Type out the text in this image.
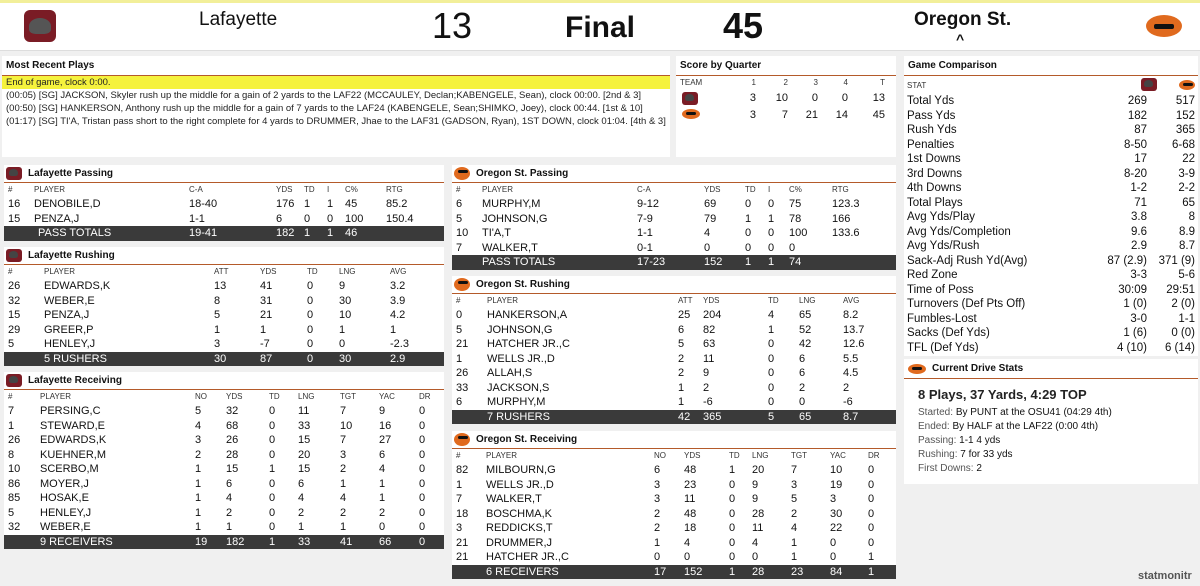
Lafayette	13	Final 45	Oregon St.
^
Most Recent Plays
End of game, clock 0:00.
(00:05) [SG] JACKSON, Skyler rush up the middle for a gain of 2 yards to the LAF22 (MCCAULEY, Declan;KABENGELE, Sean), clock 00:00. [2nd & 3]
(00:50) [SG] HANKERSON, Anthony rush up the middle for a gain of 7 yards to the LAF24 (KABENGELE, Sean;SHIMKO, Joey), clock 00:44. [1st & 10]
(01:17) [SG] TI'A, Tristan pass short to the right complete for 4 yards to DRUMMER, Jhae to the LAF31 (GADSON, Ryan), 1ST DOWN, clock 01:04. [4th & 3]
Score by Quarter
TEAM	1	2	3	4	T
3 10 0 0 13
3 7 21 14 45
Game Comparison
STAT
Total Yds	269	517
Pass Yds	182	152
Rush Yds	87	365
Penalties	8-50 6-68
1st Downs	17	22
3rd Downs	8-20	3-9
4th Downs	1-2	2-2
Total Plays	71	65
Avg Yds/Play	3.8	8
Avg Yds/Completion	9.6	8.9
Avg Yds/Rush	2.9	8.7
Sack-Adj Rush Yd(Avg)	87 (2.9) 371 (9)
Red Zone	3-3	5-6
Time of Poss	30:09 29:51
Turnovers (Def Pts Off)	1 (0) 2 (0)
Fumbles-Lost	3-0	1-1
Sacks (Def Yds)	1 (6) 0 (0)
TFL (Def Yds)	4 (10) 6 (14)
Current Drive Stats
8 Plays, 37 Yards, 4:29 TOP
Started: By PUNT at the OSU41 (04:29 4th)
Ended: By HALF at the LAF22 (0:00 4th)
Passing: 1-1 4 yds
Rushing: 7 for 33 yds
First Downs: 2
Lafayette Passing
#	PLAYER	C-A	YDS TD I C%	RTG
16 DENOBILE,D	18-40	176 1 1 45	85.2
15 PENZA,J	1-1	6 0 0 100 150.4
PASS TOTALS	19-41	182 1 1 46
Lafayette Rushing
#	PLAYER	ATT	YDS	TD	LNG	AVG
26 EDWARDS,K	13	41	0 9	3.2
32 WEBER,E	8	31	0 30	3.9
15 PENZA,J	5	21	0 10	4.2
29 GREER,P	1	1	0 1	1
5	HENLEY,J	3	-7	0 0	-2.3
5 RUSHERS	30	87	0 30	2.9
Lafayette Receiving
#	PLAYER	NO YDS	TD LNG	TGT	YAC	DR
7 PERSING,C	5 32	0 11	7	9	0
1 STEWARD,E	4 68	0 33	10 16	0
26 EDWARDS,K	3 26	0 15	7	27	0
8 KUEHNER,M	2 28	0 20	3	6	0
10 SCERBO,M	1 15	1 15	2	4	0
86 MOYER,J	1 6	0 6	1	1	0
85 HOSAK,E	1 4	0 4	4	1	0
5 HENLEY,J	1 2	0 2	2	2	0
32 WEBER,E	1 1	0 1	1	0	0
9 RECEIVERS	19 182 1 33	41 66	0
Oregon St. Passing
#	PLAYER	C-A	YDS	TD I C%	RTG
6 MURPHY,M	9-12	69	0 0 75	123.3
5 JOHNSON,G	7-9	79	1 1 78	166
10 TI'A,T	1-1	4	0 0 100 133.6
7 WALKER,T	0-1	0	0 0 0
PASS TOTALS	17-23	152 1 1 74
Oregon St. Rushing
#	PLAYER	ATT YDS	TD	LNG	AVG
0 HANKERSON,A	25 204	4 65	8.2
5 JOHNSON,G	6 82	1 52	13.7
21 HATCHER JR.,C	5 63	0 42	12.6
1 WELLS JR.,D	2 11	0 6	5.5
26 ALLAH,S	2 9	0 6	4.5
33 JACKSON,S	1 2	0 2	2
6 MURPHY,M	1 -6	0 0	-6
7 RUSHERS	42 365	5 65	8.7
Oregon St. Receiving
#	PLAYER	NO YDS	TD LNG	TGT	YAC	DR
82 MILBOURN,G	6 48	1 20 7	10 0
1 WELLS JR.,D	3 23	0 9	3	19 0
7 WALKER,T	3 11	0 9	5	3	0
18 BOSCHMA,K	2 48	0 28 2	30 0
3 REDDICKS,T	2 18	0 11	4	22 0
21 DRUMMER,J	1 4	0 4	1	0	0
21 HATCHER JR.,C	0 0	0 0	1	0	1
6 RECEIVERS	17 152 1 28 23 84 1	statmonitr
